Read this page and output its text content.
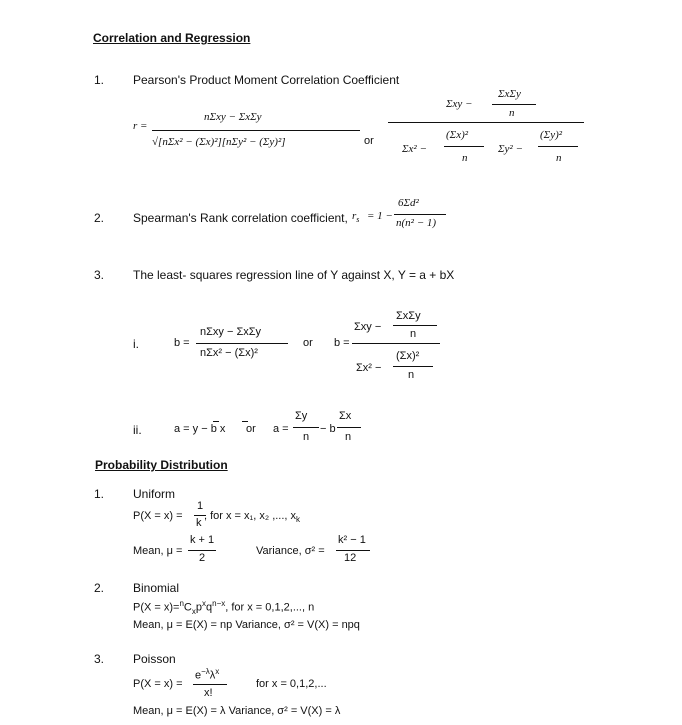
Correlation and Regression
1. Pearson's Product Moment Correlation Coefficient
r =
nΣxy − ΣxΣy
√[nΣx² − (Σx)²][nΣy² − (Σy)²]	or
Σxy −
ΣxΣy
n
Σx² −
(Σx)²
n
Σy² −
(Σy)²
n
2. Spearman's Rank correlation coefficient, $r_s = 1$ −
6Σd²
n(n² − 1)
3. The least- squares regression line of Y against X, Y = a + bX
i.	b =
nΣxy − ΣxΣy
nΣx² − (Σx)²
or b =
Σxy −
ΣxΣy
n
Σx² −
(Σx)²
n
ii.	a = y − b x or a =
Σy
n
− b
Σx
n
Probability Distribution
1. Uniform
P(X = x) =
1
k
, for x = x₁, x₂ ,..., $x_k$
Mean, μ =
k + 1
2
Variance, σ² =
k² − 1
12
2. Binomial
$P(X = x)=^nC_xp^xq^{n-x}$, for x = 0,1,2,..., n
Mean, μ = E(X) = np Variance, σ² = V(X) = npq
3. Poisson
P(X = x) =
$e^{-\lambda}\lambda^x$
x!
for x = 0,1,2,...
Mean, μ = E(X) = λ Variance, σ² = V(X) = λ
